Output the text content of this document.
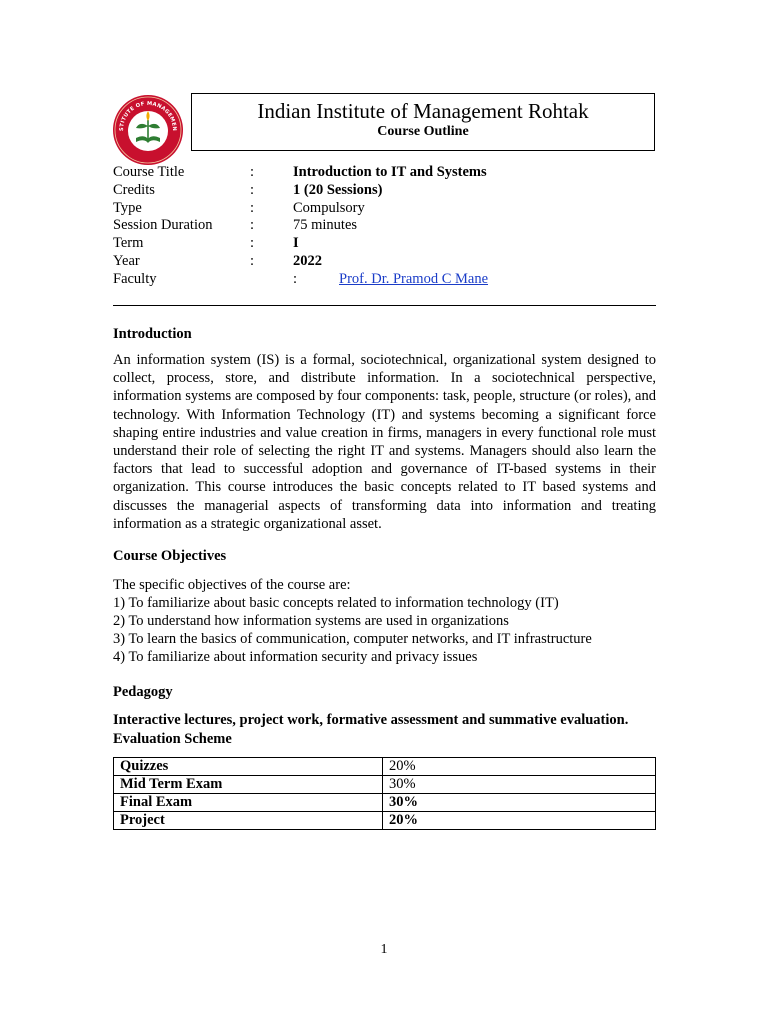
STITUTE OF MANAGEMEN
Indian Institute of Management Rohtak
Course Outline
Course Title	:	Introduction to IT and Systems
Credits	:	1 (20 Sessions)
Type	:	Compulsory
Session Duration	:	75 minutes
Term	:	I
Year	:	2022
Faculty	:	Prof. Dr. Pramod C Mane
Introduction
An information system (IS) is a formal, sociotechnical, organizational system designed to collect, process, store, and distribute information. In a sociotechnical perspective, information systems are composed by four components: task, people, structure (or roles), and technology. With Information Technology (IT) and systems becoming a significant force shaping entire industries and value creation in firms, managers in every functional role must understand their role of selecting the right IT and systems. Managers should also learn the factors that lead to successful adoption and governance of IT-based systems in their organization. This course introduces the basic concepts related to IT based systems and discusses the managerial aspects of transforming data into information and treating information as a strategic organizational asset.
Course Objectives
The specific objectives of the course are:
1) To familiarize about basic concepts related to information technology (IT)
2) To understand how information systems are used in organizations
3) To learn the basics of communication, computer networks, and IT infrastructure
4) To familiarize about information security and privacy issues
Pedagogy
Interactive lectures, project work, formative assessment and summative evaluation.
Evaluation Scheme
Quizzes	20%
Mid Term Exam	30%
Final Exam	30%
Project	20%
1
